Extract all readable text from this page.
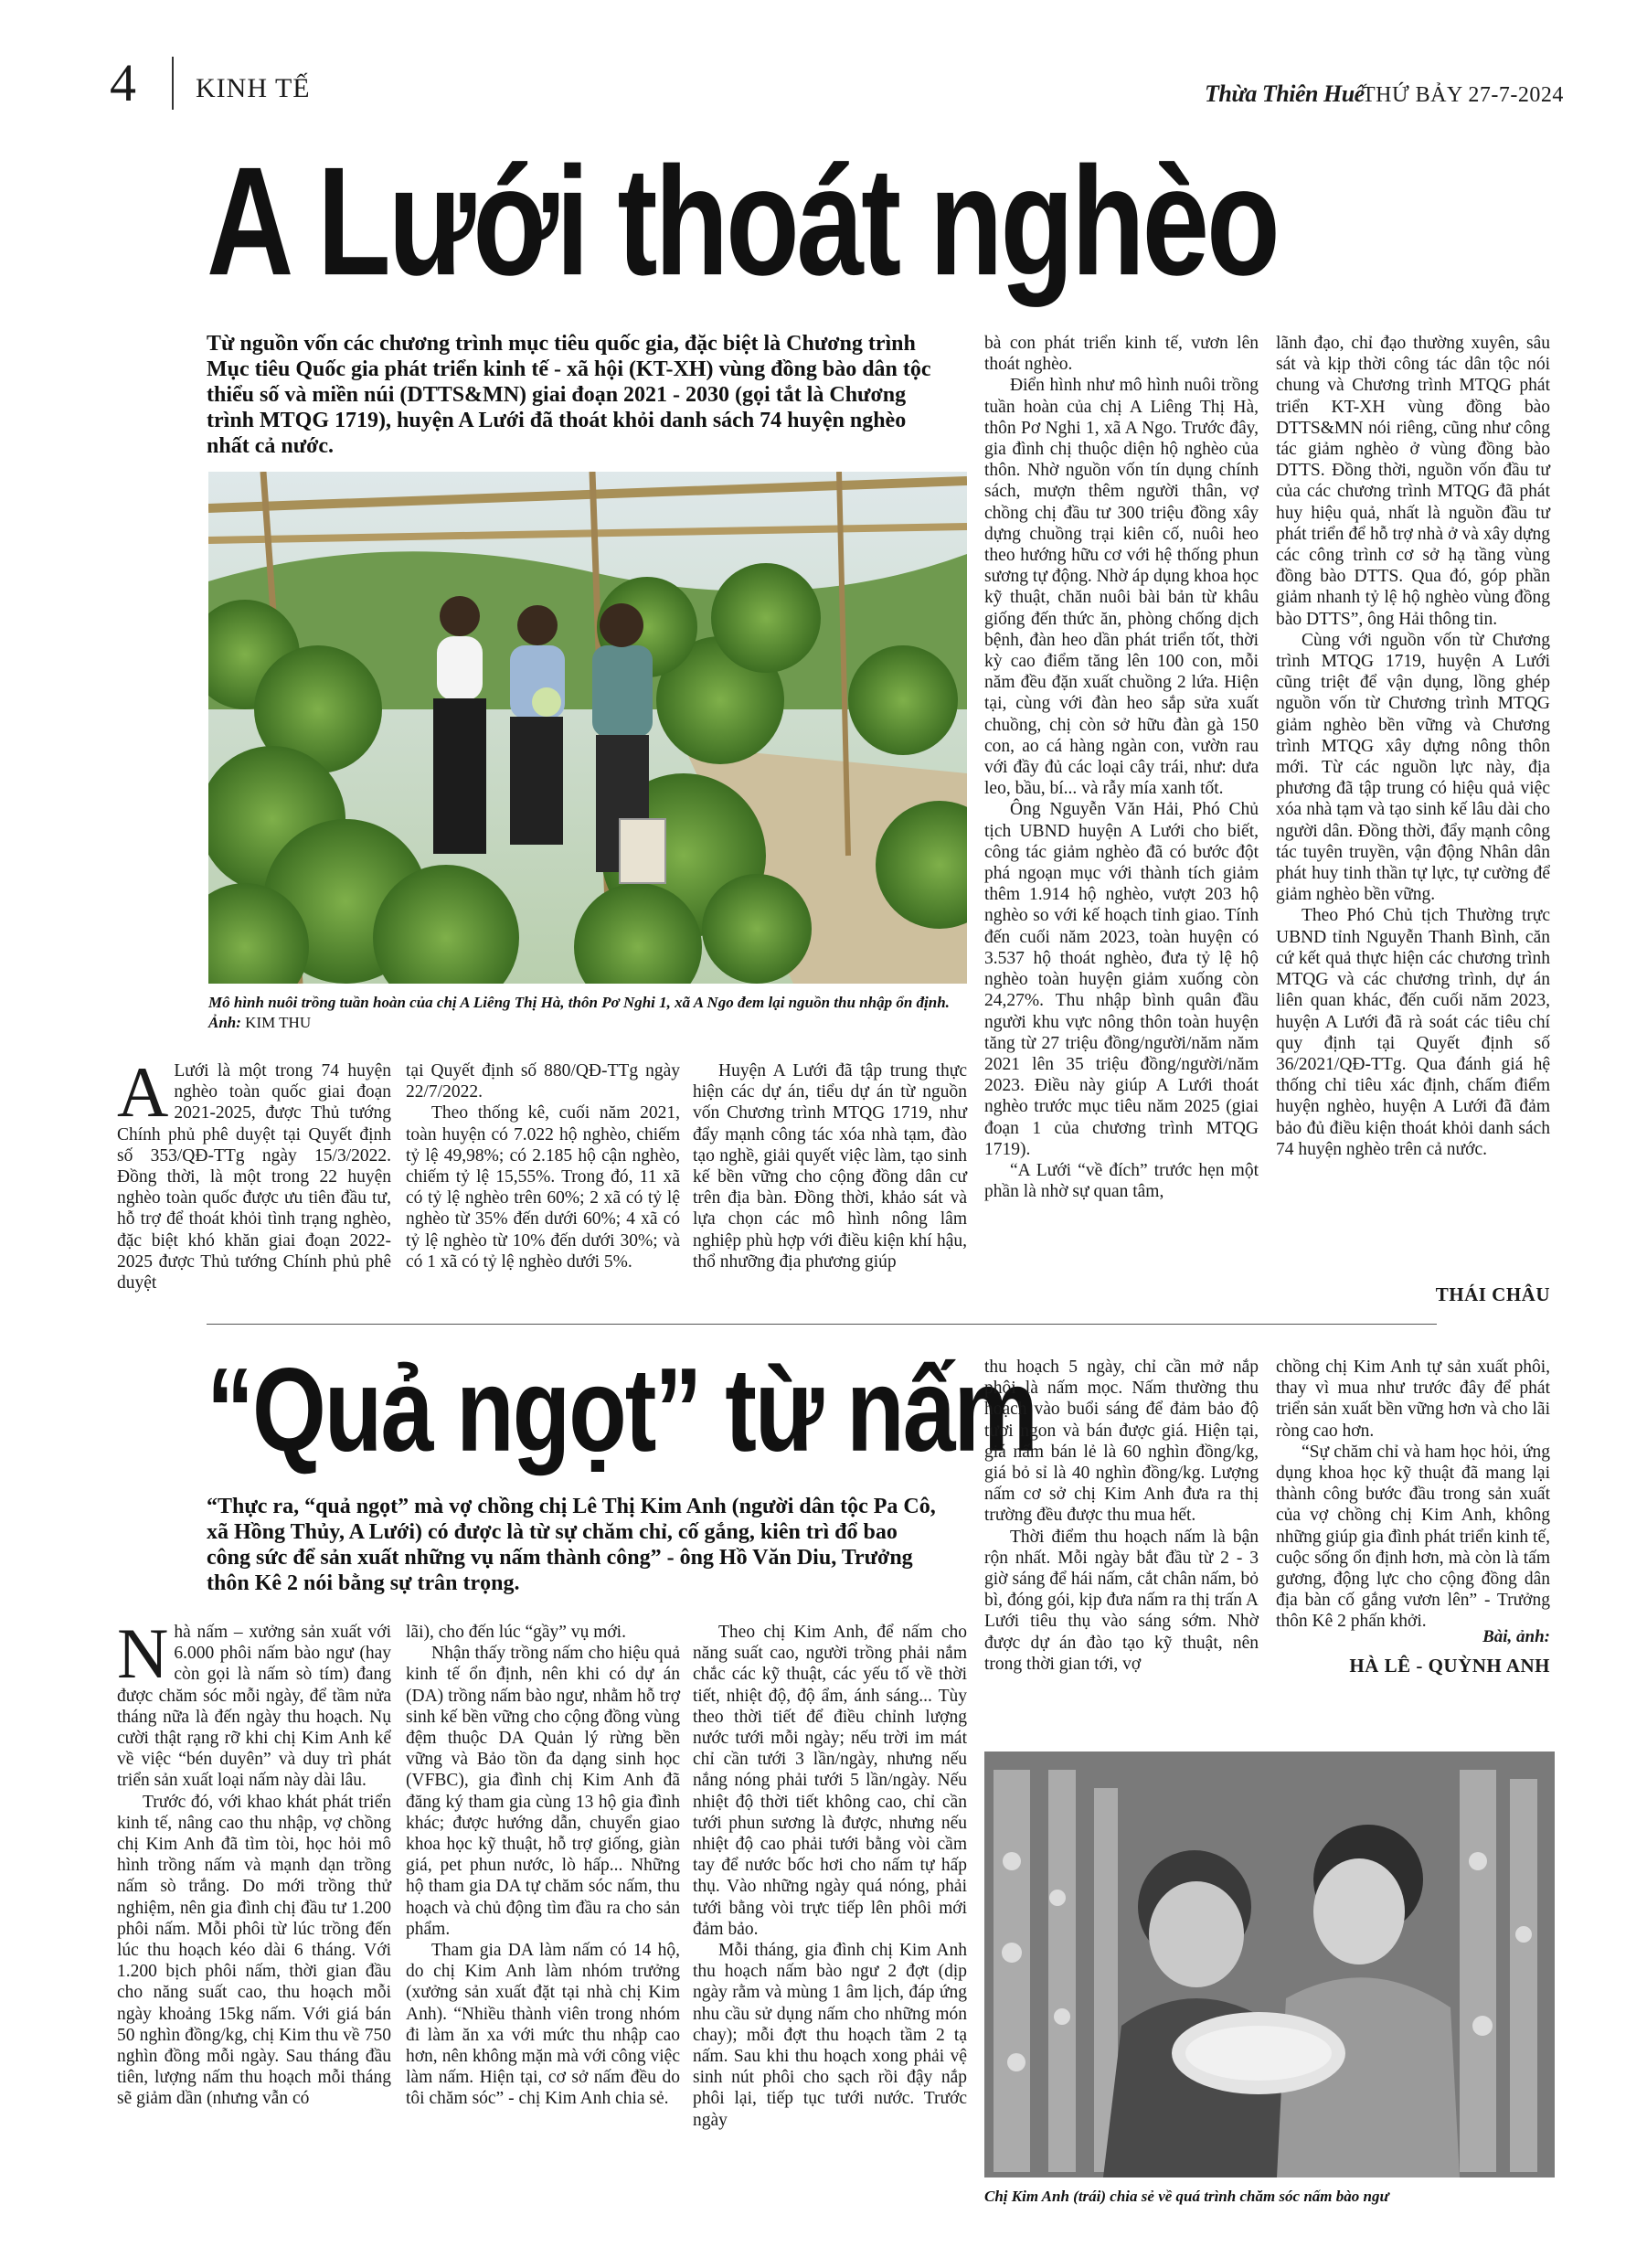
4 KINH TẾ	Thừa Thiên Huế
THỨ BẢY 27-7-2024
A Lưới thoát nghèo
Từ nguồn vốn các chương trình mục tiêu quốc gia, đặc biệt là Chương trình Mục tiêu Quốc gia phát triển kinh tế - xã hội (KT-XH) vùng đồng bào dân tộc thiểu số và miền núi (DTTS&MN) giai đoạn 2021 - 2030 (gọi tắt là Chương trình MTQG 1719), huyện A Lưới đã thoát khỏi danh sách 74 huyện nghèo nhất cả nước.
Mô hình nuôi trồng tuần hoàn của chị A Liêng Thị Hà, thôn Pơ Nghi 1, xã A Ngo đem lại nguồn thu nhập ổn định. Ảnh: KIM THU
A Lưới là một trong 74 huyện nghèo toàn quốc giai đoạn 2021-2025, được Thủ tướng Chính phủ phê duyệt tại Quyết định số 353/QĐ-TTg ngày 15/3/2022. Đồng thời, là một trong 22 huyện nghèo toàn quốc được ưu tiên đầu tư, hỗ trợ để thoát khỏi tình trạng nghèo, đặc biệt khó khăn giai đoạn 2022-2025 được Thủ tướng Chính phủ phê duyệt

tại Quyết định số 880/QĐ-TTg ngày 22/7/2022.

Theo thống kê, cuối năm 2021, toàn huyện có 7.022 hộ nghèo, chiếm tỷ lệ 49,98%; có 2.185 hộ cận nghèo, chiếm tỷ lệ 15,55%. Trong đó, 11 xã có tỷ lệ nghèo trên 60%; 2 xã có tỷ lệ nghèo từ 35% đến dưới 60%; 4 xã có tỷ lệ nghèo từ 10% đến dưới 30%; và có 1 xã có tỷ lệ nghèo dưới 5%.

Huyện A Lưới đã tập trung thực hiện các dự án, tiểu dự án từ nguồn vốn Chương trình MTQG 1719, như đẩy mạnh công tác xóa nhà tạm, đào tạo nghề, giải quyết việc làm, tạo sinh kế bền vững cho cộng đồng dân cư trên địa bàn. Đồng thời, khảo sát và lựa chọn các mô hình nông lâm nghiệp phù hợp với điều kiện khí hậu, thổ nhưỡng địa phương giúp

bà con phát triển kinh tế, vươn lên thoát nghèo.

Điển hình như mô hình nuôi trồng tuần hoàn của chị A Liêng Thị Hà, thôn Pơ Nghi 1, xã A Ngo. Trước đây, gia đình chị thuộc diện hộ nghèo của thôn. Nhờ nguồn vốn tín dụng chính sách, mượn thêm người thân, vợ chồng chị đầu tư 300 triệu đồng xây dựng chuồng trại kiên cố, nuôi heo theo hướng hữu cơ với hệ thống phun sương tự động. Nhờ áp dụng khoa học kỹ thuật, chăn nuôi bài bản từ khâu giống đến thức ăn, phòng chống dịch bệnh, đàn heo dần phát triển tốt, thời kỳ cao điểm tăng lên 100 con, mỗi năm đều đặn xuất chuồng 2 lứa. Hiện tại, cùng với đàn heo sắp sửa xuất chuồng, chị còn sở hữu đàn gà 150 con, ao cá hàng ngàn con, vườn rau với đầy đủ các loại cây trái, như: dưa leo, bầu, bí... và rẫy mía xanh tốt.

Ông Nguyễn Văn Hải, Phó Chủ tịch UBND huyện A Lưới cho biết, công tác giảm nghèo đã có bước đột phá ngoạn mục với thành tích giảm thêm 1.914 hộ nghèo, vượt 203 hộ nghèo so với kế hoạch tỉnh giao. Tính đến cuối năm 2023, toàn huyện có 3.537 hộ thoát nghèo, đưa tỷ lệ hộ nghèo toàn huyện giảm xuống còn 24,27%. Thu nhập bình quân đầu người khu vực nông thôn toàn huyện tăng từ 27 triệu đồng/người/năm năm 2021 lên 35 triệu đồng/người/năm 2023. Điều này giúp A Lưới thoát nghèo trước mục tiêu năm 2025 (giai đoạn 1 của chương trình MTQG 1719).

“A Lưới “về đích” trước hẹn một phần là nhờ sự quan tâm,

lãnh đạo, chỉ đạo thường xuyên, sâu sát và kịp thời công tác dân tộc nói chung và Chương trình MTQG phát triển KT-XH vùng đồng bào DTTS&MN nói riêng, cũng như công tác giảm nghèo ở vùng đồng bào DTTS. Đồng thời, nguồn vốn đầu tư của các chương trình MTQG đã phát huy hiệu quả, nhất là nguồn đầu tư phát triển để hỗ trợ nhà ở và xây dựng các công trình cơ sở hạ tầng vùng đồng bào DTTS. Qua đó, góp phần giảm nhanh tỷ lệ hộ nghèo vùng đồng bào DTTS”, ông Hải thông tin.

Cùng với nguồn vốn từ Chương trình MTQG 1719, huyện A Lưới cũng triệt để vận dụng, lồng ghép nguồn vốn từ Chương trình MTQG giảm nghèo bền vững và Chương trình MTQG xây dựng nông thôn mới. Từ các nguồn lực này, địa phương đã tập trung có hiệu quả việc xóa nhà tạm và tạo sinh kế lâu dài cho người dân. Đồng thời, đẩy mạnh công tác tuyên truyền, vận động Nhân dân phát huy tinh thần tự lực, tự cường để giảm nghèo bền vững.

Theo Phó Chủ tịch Thường trực UBND tỉnh Nguyễn Thanh Bình, căn cứ kết quả thực hiện các chương trình MTQG và các chương trình, dự án liên quan khác, đến cuối năm 2023, huyện A Lưới đã rà soát các tiêu chí quy định tại Quyết định số 36/2021/QĐ-TTg. Qua đánh giá hệ thống chỉ tiêu xác định, chấm điểm huyện nghèo, huyện A Lưới đã đảm bảo đủ điều kiện thoát khỏi danh sách 74 huyện nghèo trên cả nước.

THÁI CHÂU
“Quả ngọt” từ nấm
“Thực ra, “quả ngọt” mà vợ chồng chị Lê Thị Kim Anh (người dân tộc Pa Cô, xã Hồng Thủy, A Lưới) có được là từ sự chăm chỉ, cố gắng, kiên trì đổ bao công sức để sản xuất những vụ nấm thành công” - ông Hồ Văn Diu, Trưởng thôn Kê 2 nói bằng sự trân trọng.
N hà nấm – xưởng sản xuất với 6.000 phôi nấm bào ngư (hay còn gọi là nấm sò tím) đang được chăm sóc mỗi ngày, để tầm nửa tháng nữa là đến ngày thu hoạch. Nụ cười thật rạng rỡ khi chị Kim Anh kể về việc “bén duyên” và duy trì phát triển sản xuất loại nấm này dài lâu.

Trước đó, với khao khát phát triển kinh tế, nâng cao thu nhập, vợ chồng chị Kim Anh đã tìm tòi, học hỏi mô hình trồng nấm và mạnh dạn trồng nấm sò trắng. Do mới trồng thử nghiệm, nên gia đình chị đầu tư 1.200 phôi nấm. Mỗi phôi từ lúc trồng đến lúc thu hoạch kéo dài 6 tháng. Với 1.200 bịch phôi nấm, thời gian đầu cho năng suất cao, thu hoạch mỗi ngày khoảng 15kg nấm. Với giá bán 50 nghìn đồng/kg, chị Kim thu về 750 nghìn đồng mỗi ngày. Sau tháng đầu tiên, lượng nấm thu hoạch mỗi tháng sẽ giảm dần (nhưng vẫn có

lãi), cho đến lúc “gầy” vụ mới.

Nhận thấy trồng nấm cho hiệu quả kinh tế ổn định, nên khi có dự án (DA) trồng nấm bào ngư, nhằm hỗ trợ sinh kế bền vững cho cộng đồng vùng đệm thuộc DA Quản lý rừng bền vững và Bảo tồn đa dạng sinh học (VFBC), gia đình chị Kim Anh đã đăng ký tham gia cùng 13 hộ gia đình khác; được hướng dẫn, chuyển giao khoa học kỹ thuật, hỗ trợ giống, giàn giá, pet phun nước, lò hấp... Những hộ tham gia DA tự chăm sóc nấm, thu hoạch và chủ động tìm đầu ra cho sản phẩm.

Tham gia DA làm nấm có 14 hộ, do chị Kim Anh làm nhóm trưởng (xưởng sản xuất đặt tại nhà chị Kim Anh). “Nhiều thành viên trong nhóm đi làm ăn xa với mức thu nhập cao hơn, nên không mặn mà với công việc làm nấm. Hiện tại, cơ sở nấm đều do tôi chăm sóc” - chị Kim Anh chia sẻ.

Theo chị Kim Anh, để nấm cho năng suất cao, người trồng phải nắm chắc các kỹ thuật, các yếu tố về thời tiết, nhiệt độ, độ ẩm, ánh sáng... Tùy theo thời tiết để điều chỉnh lượng nước tưới mỗi ngày; nếu trời im mát chỉ cần tưới 3 lần/ngày, nhưng nếu nắng nóng phải tưới 5 lần/ngày. Nếu nhiệt độ thời tiết không cao, chỉ cần tưới phun sương là được, nhưng nếu nhiệt độ cao phải tưới bằng vòi cầm tay để nước bốc hơi cho nấm tự hấp thụ. Vào những ngày quá nóng, phải tưới bằng vòi trực tiếp lên phôi mới đảm bảo.

Mỗi tháng, gia đình chị Kim Anh thu hoạch nấm bào ngư 2 đợt (dịp ngày rằm và mùng 1 âm lịch, đáp ứng nhu cầu sử dụng nấm cho những món chay); mỗi đợt thu hoạch tầm 2 tạ nấm. Sau khi thu hoạch xong phải vệ sinh nút phôi cho sạch rồi đậy nắp phôi lại, tiếp tục tưới nước. Trước ngày

thu hoạch 5 ngày, chỉ cần mở nắp phôi là nấm mọc. Nấm thường thu hoạch vào buổi sáng để đảm bảo độ tươi ngon và bán được giá. Hiện tại, giá nấm bán lẻ là 60 nghìn đồng/kg, giá bỏ sỉ là 40 nghìn đồng/kg. Lượng nấm cơ sở chị Kim Anh đưa ra thị trường đều được thu mua hết.

Thời điểm thu hoạch nấm là bận rộn nhất. Mỗi ngày bắt đầu từ 2 - 3 giờ sáng để hái nấm, cắt chân nấm, bỏ bì, đóng gói, kịp đưa nấm ra thị trấn A Lưới tiêu thụ vào sáng sớm. Nhờ được dự án đào tạo kỹ thuật, nên trong thời gian tới, vợ

chồng chị Kim Anh tự sản xuất phôi, thay vì mua như trước đây để phát triển sản xuất bền vững hơn và cho lãi ròng cao hơn.

“Sự chăm chỉ và ham học hỏi, ứng dụng khoa học kỹ thuật đã mang lại thành công bước đầu trong sản xuất của vợ chồng chị Kim Anh, không những giúp gia đình phát triển kinh tế, cuộc sống ổn định hơn, mà còn là tấm gương, động lực cho cộng đồng dân địa bàn cố gắng vươn lên” - Trưởng thôn Kê 2 phấn khởi.

Bài, ảnh:
HÀ LÊ - QUỲNH ANH
Chị Kim Anh (trái) chia sẻ về quá trình chăm sóc nấm bào ngư
